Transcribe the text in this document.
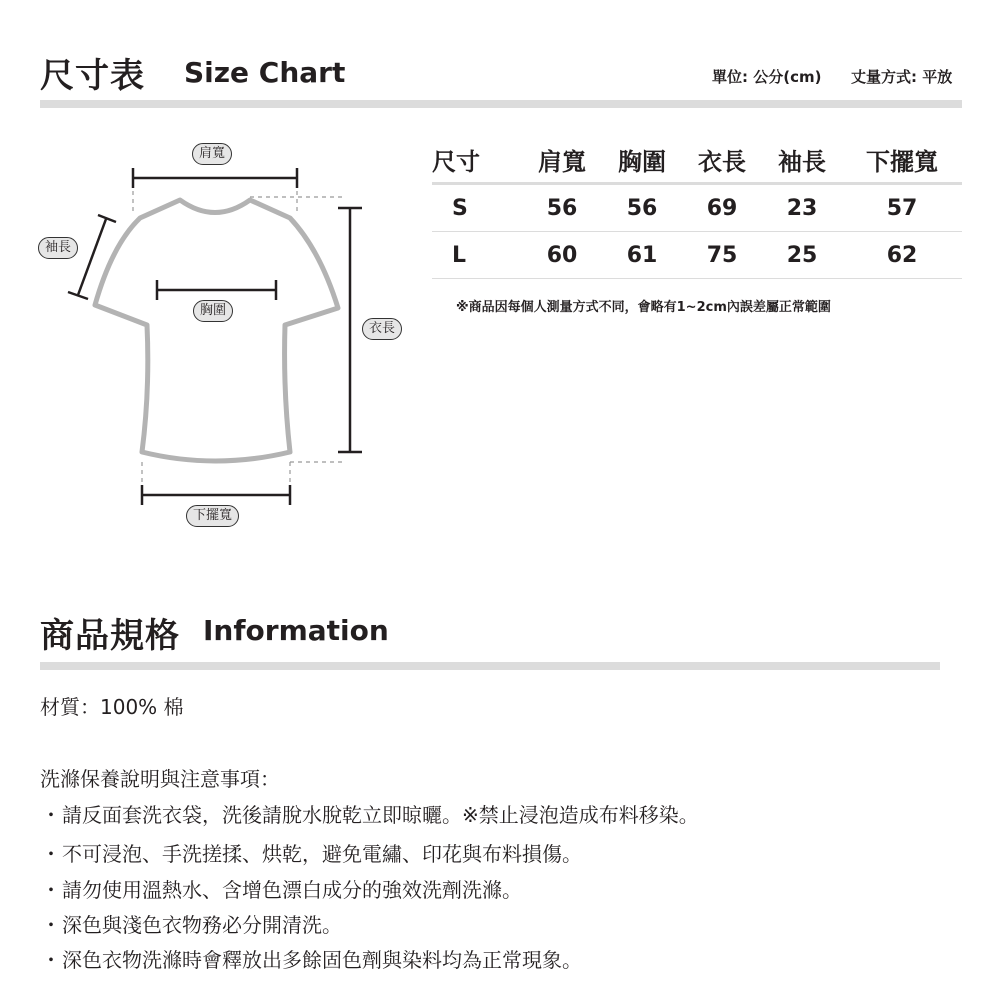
尺寸表 Size Chart	單位: 公分(cm) 丈量方式: 平放
肩寬
袖長
胸圍
衣長
下擺寬
尺寸	肩寬	胸圍	衣長	袖長	下擺寬
S	56	56	69	23	57
L	60	61	75	25	62
※商品因每個人測量方式不同，會略有1~2cm內誤差屬正常範圍
商品規格 Information
材質：100% 棉
洗滌保養說明與注意事項：
・請反面套洗衣袋，洗後請脫水脫乾立即晾曬。※禁止浸泡造成布料移染。
・不可浸泡、手洗搓揉、烘乾，避免電繡、印花與布料損傷。
・請勿使用溫熱水、含增色漂白成分的強效洗劑洗滌。
・深色與淺色衣物務必分開清洗。
・深色衣物洗滌時會釋放出多餘固色劑與染料均為正常現象。
